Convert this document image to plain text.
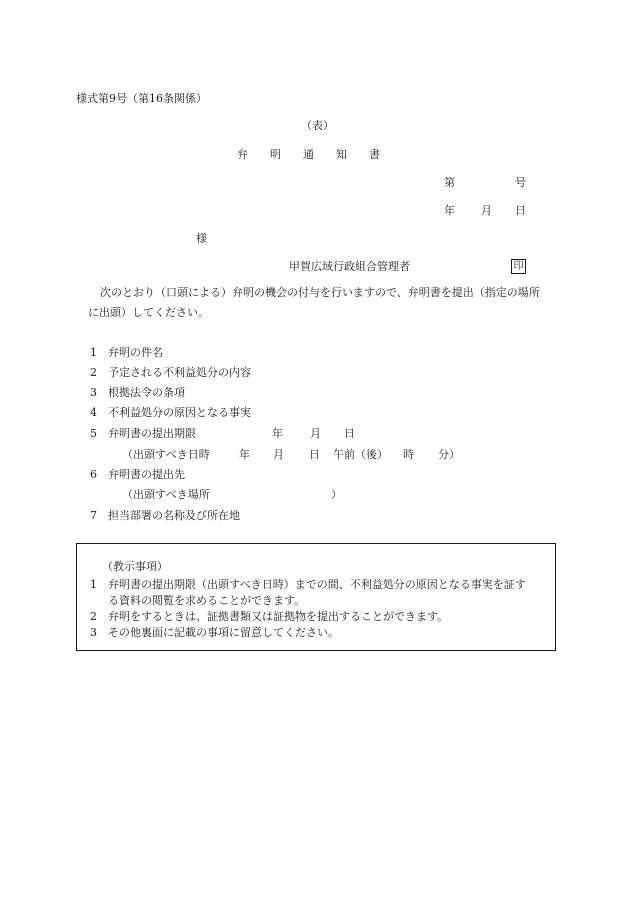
様式第9号（第16条関係）
（表）
弁　　明　　通　　知　　書
第	号
年 月 日
様
甲賀広域行政組合管理者	印
次のとおり（口頭による）弁明の機会の付与を行いますので、弁明書を提出（指定の場所
に出頭）してください。
1 弁明の件名
2 予定される不利益処分の内容
3 根拠法令の条項
4 不利益処分の原因となる事実
5 弁明書の提出期限	年 月 日
（出頭すべき日時	年 月 日 午前（後） 時 分）
6 弁明書の提出先
（出頭すべき場所	）
7 担当部署の名称及び所在地
（教示事項）
1 弁明書の提出期限（出頭すべき日時）までの間、不利益処分の原因となる事実を証す
る資料の閲覧を求めることができます。
2 弁明をするときは、証拠書類又は証拠物を提出することができます。
3 その他裏面に記載の事項に留意してください。
